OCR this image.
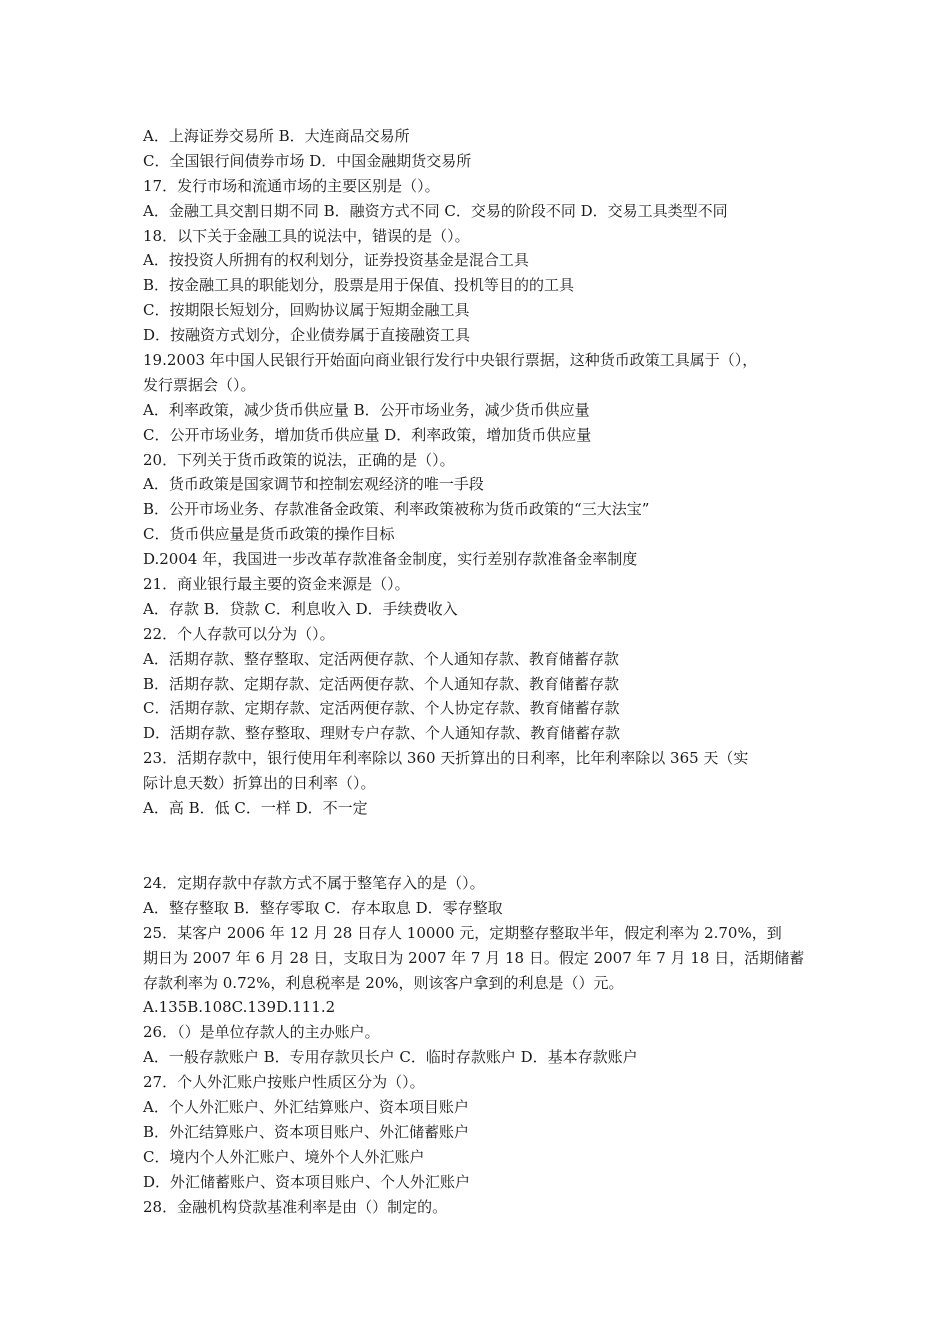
A．上海证券交易所 B．大连商品交易所
C．全国银行间债券市场 D．中国金融期货交易所
17．发行市场和流通市场的主要区别是（）。
A．金融工具交割日期不同 B．融资方式不同 C．交易的阶段不同 D．交易工具类型不同
18．以下关于金融工具的说法中，错误的是（）。
A．按投资人所拥有的权利划分，证券投资基金是混合工具
B．按金融工具的职能划分，股票是用于保值、投机等目的的工具
C．按期限长短划分，回购协议属于短期金融工具
D．按融资方式划分，企业债券属于直接融资工具
19.2003 年中国人民银行开始面向商业银行发行中央银行票据，这种货币政策工具属于（），
发行票据会（）。
A．利率政策，减少货币供应量 B．公开市场业务，减少货币供应量
C．公开市场业务，增加货币供应量 D．利率政策，增加货币供应量
20．下列关于货币政策的说法，正确的是（）。
A．货币政策是国家调节和控制宏观经济的唯一手段
B．公开市场业务、存款准备金政策、利率政策被称为货币政策的“三大法宝”
C．货币供应量是货币政策的操作目标
D.2004 年，我国进一步改革存款准备金制度，实行差别存款准备金率制度
21．商业银行最主要的资金来源是（）。
A．存款 B．贷款 C．利息收入 D．手续费收入
22．个人存款可以分为（）。
A．活期存款、整存整取、定活两便存款、个人通知存款、教育储蓄存款
B．活期存款、定期存款、定活两便存款、个人通知存款、教育储蓄存款
C．活期存款、定期存款、定活两便存款、个人协定存款、教育储蓄存款
D．活期存款、整存整取、理财专户存款、个人通知存款、教育储蓄存款
23．活期存款中，银行使用年利率除以 360 天折算出的日利率，比年利率除以 365 天（实
际计息天数）折算出的日利率（）。
A．高 B．低 C．一样 D．不一定
24．定期存款中存款方式不属于整笔存入的是（）。
A．整存整取 B．整存零取 C．存本取息 D．零存整取
25．某客户 2006 年 12 月 28 日存人 10000 元，定期整存整取半年，假定利率为 2.70%，到
期日为 2007 年 6 月 28 日，支取日为 2007 年 7 月 18 日。假定 2007 年 7 月 18 日，活期储蓄
存款利率为 0.72%，利息税率是 20%，则该客户拿到的利息是（）元。
A.135B.108C.139D.111.2
26．（）是单位存款人的主办账户。
A．一般存款账户 B．专用存款贝长户 C．临时存款账户 D．基本存款账户
27．个人外汇账户按账户性质区分为（）。
A．个人外汇账户、外汇结算账户、资本项目账户
B．外汇结算账户、资本项目账户、外汇储蓄账户
C．境内个人外汇账户、境外个人外汇账户
D．外汇储蓄账户、资本项目账户、个人外汇账户
28．金融机构贷款基准利率是由（）制定的。
